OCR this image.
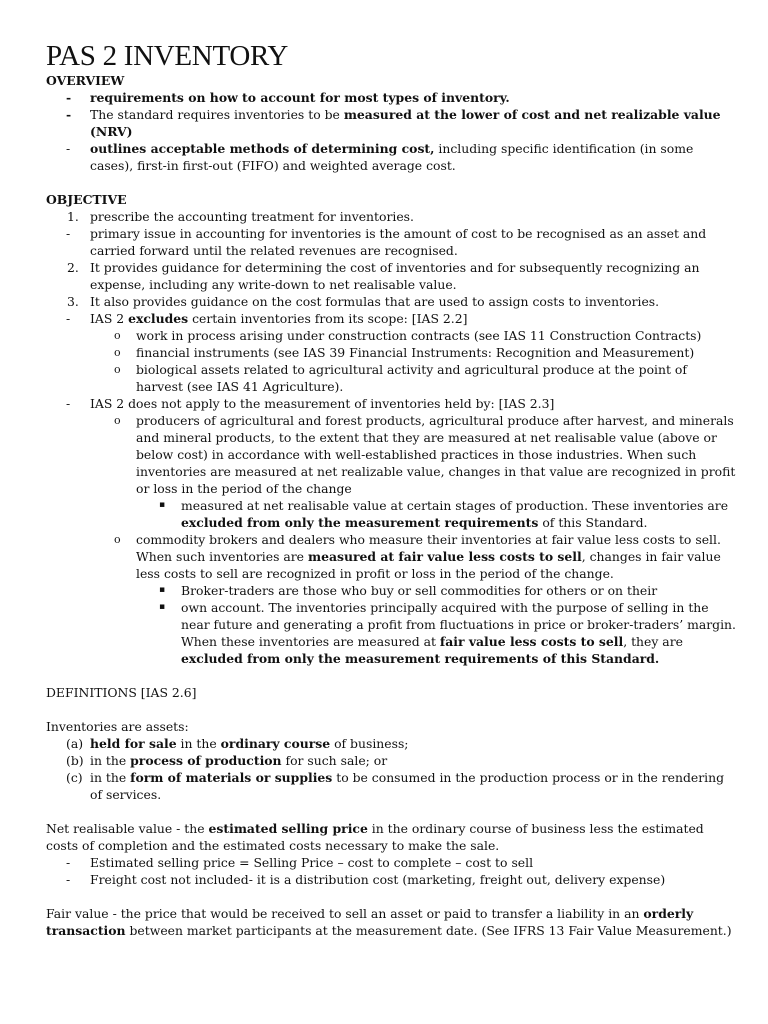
PAS 2 INVENTORY

OVERVIEW

- requirements on how to account for most types of inventory.
- The standard requires inventories to be measured at the lower of cost and net realizable value (NRV)
- outlines acceptable methods of determining cost, including specific identification (in some cases), first-in first-out (FIFO) and weighted average cost.

OBJECTIVE

1. prescribe the accounting treatment for inventories.
- primary issue in accounting for inventories is the amount of cost to be recognised as an asset and carried forward until the related revenues are recognised.
2. It provides guidance for determining the cost of inventories and for subsequently recognizing an expense, including any write-down to net realisable value.
3. It also provides guidance on the cost formulas that are used to assign costs to inventories.
- IAS 2 excludes certain inventories from its scope: [IAS 2.2]
o work in process arising under construction contracts (see IAS 11 Construction Contracts)
o financial instruments (see IAS 39 Financial Instruments: Recognition and Measurement)
o biological assets related to agricultural activity and agricultural produce at the point of harvest (see IAS 41 Agriculture).
- IAS 2 does not apply to the measurement of inventories held by: [IAS 2.3]
o producers of agricultural and forest products, agricultural produce after harvest, and minerals and mineral products, to the extent that they are measured at net realisable value (above or below cost) in accordance with well-established practices in those industries. When such inventories are measured at net realizable value, changes in that value are recognized in profit or loss in the period of the change
▪ measured at net realisable value at certain stages of production. These inventories are excluded from only the measurement requirements of this Standard.
o commodity brokers and dealers who measure their inventories at fair value less costs to sell. When such inventories are measured at fair value less costs to sell, changes in fair value less costs to sell are recognized in profit or loss in the period of the change.
▪ Broker-traders are those who buy or sell commodities for others or on their
▪ own account. The inventories principally acquired with the purpose of selling in the near future and generating a profit from fluctuations in price or broker-traders’ margin. When these inventories are measured at fair value less costs to sell, they are excluded from only the measurement requirements of this Standard.

DEFINITIONS [IAS 2.6]

Inventories are assets:

(a) held for sale in the ordinary course of business;
(b) in the process of production for such sale; or
(c) in the form of materials or supplies to be consumed in the production process or in the rendering of services.

Net realisable value - the estimated selling price in the ordinary course of business less the estimated costs of completion and the estimated costs necessary to make the sale.

- Estimated selling price = Selling Price – cost to complete – cost to sell
- Freight cost not included- it is a distribution cost (marketing, freight out, delivery expense)

Fair value - the price that would be received to sell an asset or paid to transfer a liability in an orderly transaction between market participants at the measurement date. (See IFRS 13 Fair Value Measurement.)
